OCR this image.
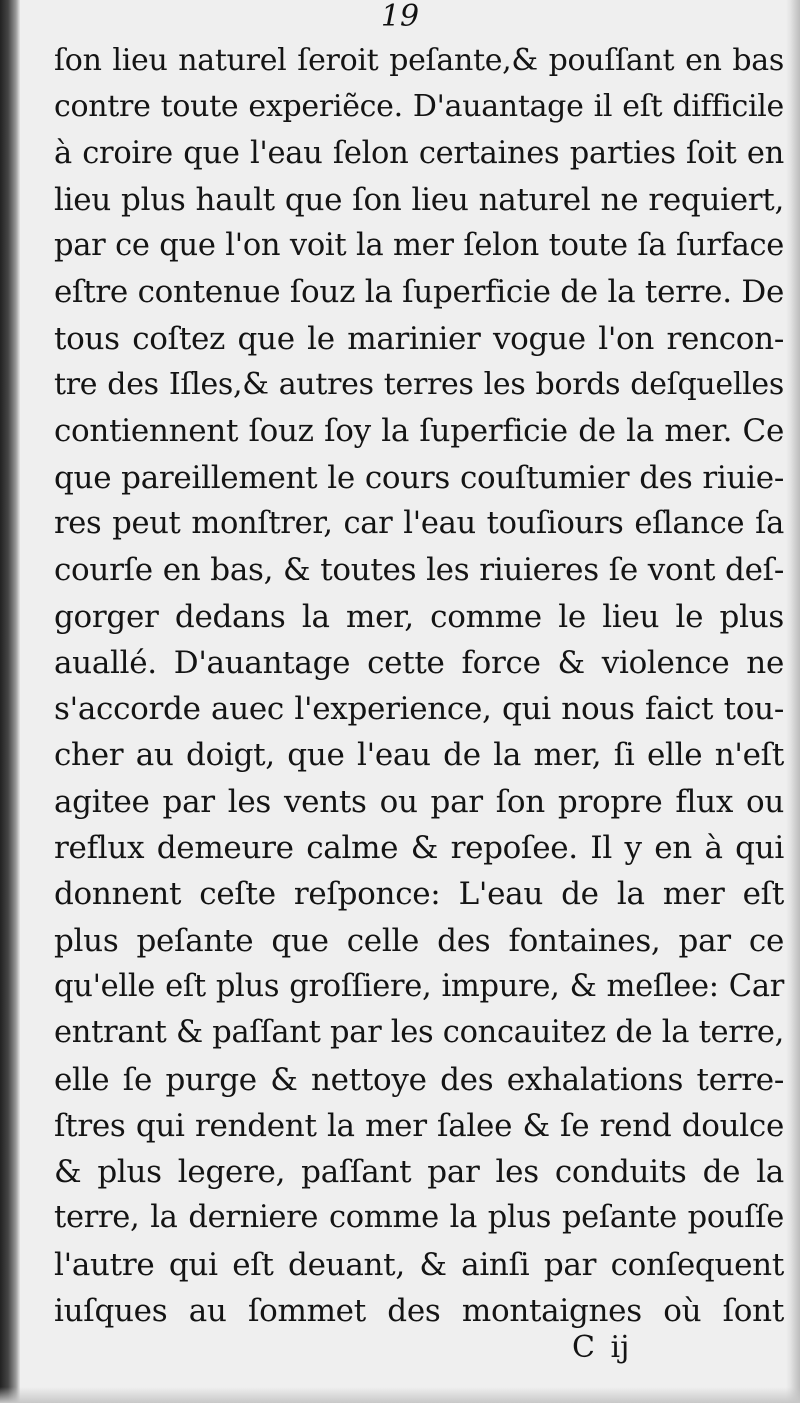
19
ſon lieu naturel ſeroit peſante,& pouſſant en bas
contre toute experiẽce. D'auantage il eſt difficile
à croire que l'eau ſelon certaines parties ſoit en
lieu plus hault que ſon lieu naturel ne requiert,
par ce que l'on voit la mer ſelon toute ſa ſurface
eſtre contenue ſouz la ſuperficie de la terre. De
tous coſtez que le marinier vogue l'on rencon-
tre des Iſles,& autres terres les bords deſquelles
contiennent ſouz ſoy la ſuperficie de la mer. Ce
que pareillement le cours couſtumier des riuie-
res peut monſtrer, car l'eau touſiours eſlance ſa
courſe en bas, & toutes les riuieres ſe vont deſ-
gorger dedans la mer, comme le lieu le plus
auallé. D'auantage cette force & violence ne
s'accorde auec l'experience, qui nous faict tou-
cher au doigt, que l'eau de la mer, ſi elle n'eſt
agitee par les vents ou par ſon propre flux ou
reflux demeure calme & repoſee. Il y en à qui
donnent ceſte reſponce: L'eau de la mer eſt
plus peſante que celle des fontaines, par ce
qu'elle eſt plus groſſiere, impure, & meſlee: Car
entrant & paſſant par les concauitez de la terre,
elle ſe purge & nettoye des exhalations terre-
ſtres qui rendent la mer ſalee & ſe rend doulce
& plus legere, paſſant par les conduits de la
terre, la derniere comme la plus peſante pouſſe
l'autre qui eſt deuant, & ainſi par conſequent
iuſques au ſommet des montaignes où ſont
C ij
